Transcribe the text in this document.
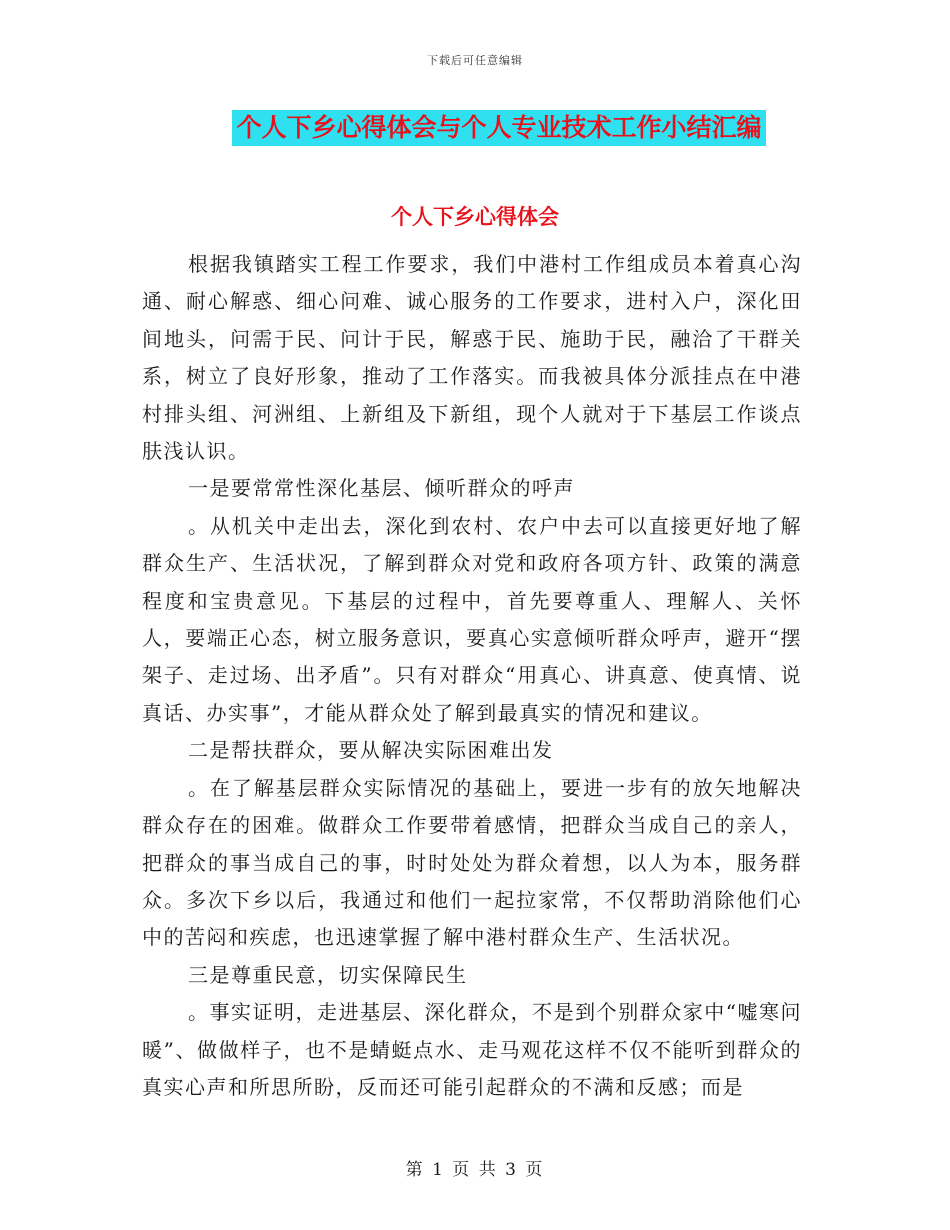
下载后可任意编辑
个人下乡心得体会与个人专业技术工作小结汇编
个人下乡心得体会

根据我镇踏实工程工作要求，我们中港村工作组成员本着真心沟通、耐心解惑、细心问难、诚心服务的工作要求，进村入户，深化田间地头，问需于民、问计于民，解惑于民、施助于民，融洽了干群关系，树立了良好形象，推动了工作落实。而我被具体分派挂点在中港村排头组、河洲组、上新组及下新组，现个人就对于下基层工作谈点肤浅认识。

一是要常常性深化基层、倾听群众的呼声

。从机关中走出去，深化到农村、农户中去可以直接更好地了解群众生产、生活状况，了解到群众对党和政府各项方针、政策的满意程度和宝贵意见。下基层的过程中，首先要尊重人、理解人、关怀人，要端正心态，树立服务意识，要真心实意倾听群众呼声，避开“摆架子、走过场、出矛盾”。只有对群众“用真心、讲真意、使真情、说真话、办实事”，才能从群众处了解到最真实的情况和建议。

二是帮扶群众，要从解决实际困难出发

。在了解基层群众实际情况的基础上，要进一步有的放矢地解决群众存在的困难。做群众工作要带着感情，把群众当成自己的亲人，把群众的事当成自己的事，时时处处为群众着想，以人为本，服务群众。多次下乡以后，我通过和他们一起拉家常，不仅帮助消除他们心中的苦闷和疾虑，也迅速掌握了解中港村群众生产、生活状况。

三是尊重民意，切实保障民生

。事实证明，走进基层、深化群众，不是到个别群众家中“嘘寒问暖”、做做样子，也不是蜻蜓点水、走马观花这样不仅不能听到群众的真实心声和所思所盼，反而还可能引起群众的不满和反感；而是

第 1 页 共 3 页
